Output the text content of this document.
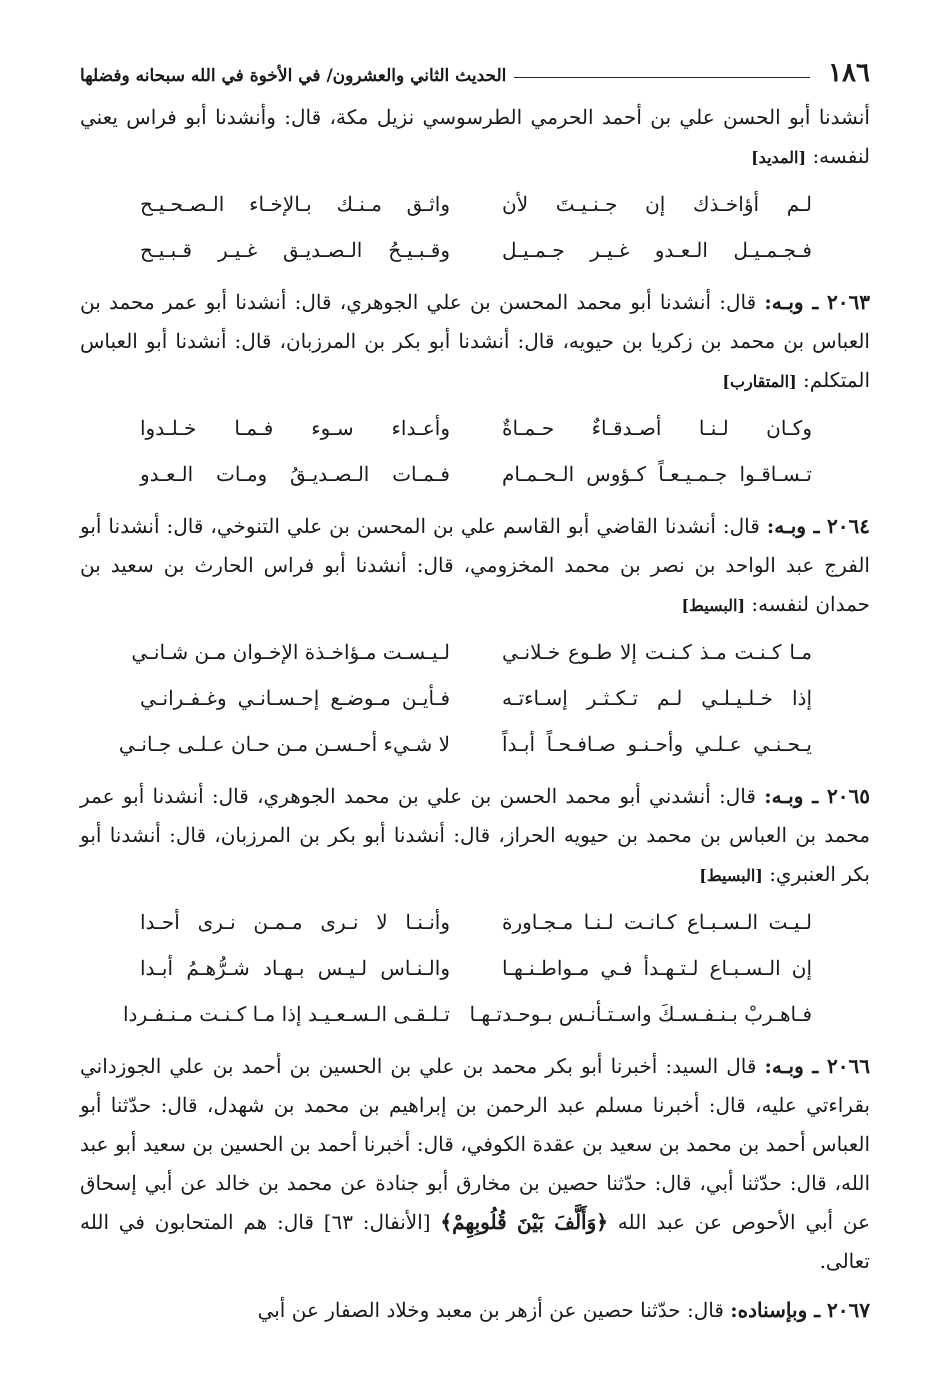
١٨٦
الحديث الثاني والعشرون/ في الأخوة في الله سبحانه وفضلها

أنشدنا أبو الحسن علي بن أحمد الحرمي الطرسوسي نزيل مكة، قال: وأنشدنا أبو فراس يعني لنفسه: [المديد]

لـم أؤاخـذك إن جـنـيـتَ لأن
واثـق مـنـك بـالإخـاء الـصـحـيـح
فـجـمـيـل الـعـدو غـيـر جـمـيـل
وقـبـيـحُ الـصـديـق غـيـر قـبـيـح

٢٠٦٣ ـ وبـه: قال: أنشدنا أبو محمد المحسن بن علي الجوهري، قال: أنشدنا أبو عمر محمد بن العباس بن محمد بن زكريا بن حيويه، قال: أنشدنا أبو بكر بن المرزبان، قال: أنشدنا أبو العباس المتكلم: [المتقارب]

وكـان لـنـا أصـدقـاءٌ حـمـاةٌ
وأعـداء سـوء فـمـا خـلـدوا
تـسـاقـوا جـمـيـعـاً كـؤوس الـحـمـام
فـمـات الـصـديـقُ ومـات الـعـدو

٢٠٦٤ ـ وبـه: قال: أنشدنا القاضي أبو القاسم علي بن المحسن بن علي التنوخي، قال: أنشدنا أبو الفرج عبد الواحد بن نصر بن محمد المخزومي، قال: أنشدنا أبو فراس الحارث بن سعيد بن حمدان لنفسه: [البسيط]

مـا كـنـت مـذ كـنـت إلا طـوع خـلانـي
لـيـسـت مـؤاخـذة الإخـوان مـن شـانـي
إذا خـلـيـلـي لـم تـكـثـر إسـاءتـه
فـأيـن مـوضـع إحـسـانـي وغـفـرانـي
يـحـنـي عـلـي وأحـنـو صـافـحـاً أبـداً
لا شـيء أحـسـن مـن حـان عـلـى جـانـي

٢٠٦٥ ـ وبـه: قال: أنشدني أبو محمد الحسن بن علي بن محمد الجوهري، قال: أنشدنا أبو عمر محمد بن العباس بن محمد بن حيويه الحراز، قال: أنشدنا أبو بكر بن المرزبان، قال: أنشدنا أبو بكر العنبري: [البسيط]

لـيـت الـسـبـاع كـانـت لـنـا مـجـاورة
وأنـنـا لا نـرى مـمـن نـرى أحـدا
إن الـسـبـاع لـتـهـدأ فـي مـواطـنـهـا
والـنـاس لـيـس بـهـاد شـرُّهـمُ أبـدا
فـاهـربْ بـنـفـسـكَ واسـتـأنـس بـوحـدتـهـا
تـلـقـى الـسـعـيـد إذا مـا كـنـت مـنـفـردا

٢٠٦٦ ـ وبـه: قال السيد: أخبرنا أبو بكر محمد بن علي بن الحسين بن أحمد بن علي الجوزداني بقراءتي عليه، قال: أخبرنا مسلم عبد الرحمن بن إبراهيم بن محمد بن شهدل، قال: حدّثنا أبو العباس أحمد بن محمد بن سعيد بن عقدة الكوفي، قال: أخبرنا أحمد بن الحسين بن سعيد أبو عبد الله، قال: حدّثنا أبي، قال: حدّثنا حصين بن مخارق أبو جنادة عن محمد بن خالد عن أبي إسحاق عن أبي الأحوص عن عبد الله ﴿وَأَلَّفَ بَيْنَ قُلُوبِهِمْ﴾ [الأنفال: ٦٣] قال: هم المتحابون في الله تعالى.

٢٠٦٧ ـ وبإسناده: قال: حدّثنا حصين عن أزهر بن معبد وخلاد الصفار عن أبي
